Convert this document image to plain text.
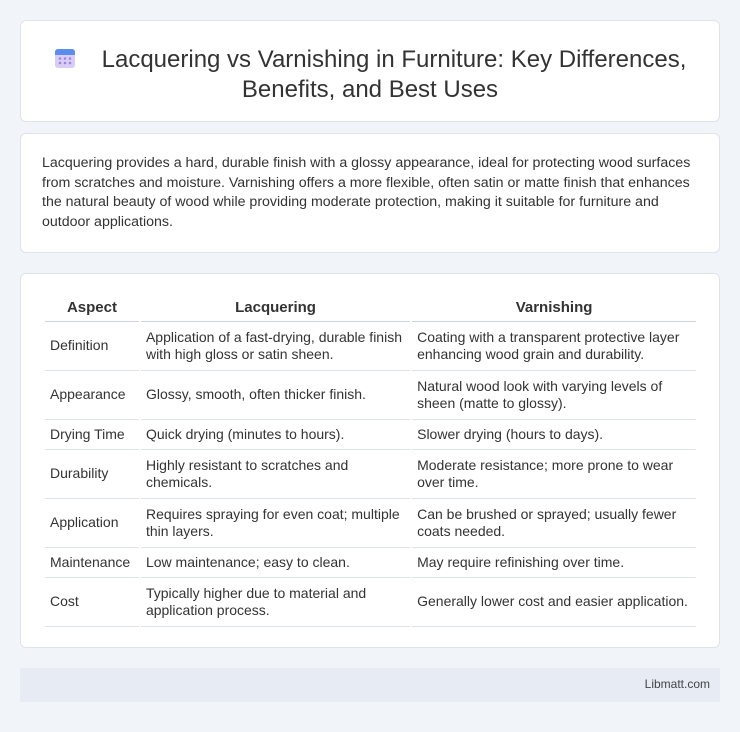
Lacquering vs Varnishing in Furniture: Key Differences, Benefits, and Best Uses

Lacquering provides a hard, durable finish with a glossy appearance, ideal for protecting wood surfaces from scratches and moisture. Varnishing offers a more flexible, often satin or matte finish that enhances the natural beauty of wood while providing moderate protection, making it suitable for furniture and outdoor applications.

Aspect	Lacquering	Varnishing
Definition	Application of a fast-drying, durable finish with high gloss or satin sheen.	Coating with a transparent protective layer enhancing wood grain and durability.
Appearance	Glossy, smooth, often thicker finish.	Natural wood look with varying levels of sheen (matte to glossy).
Drying Time	Quick drying (minutes to hours).	Slower drying (hours to days).
Durability	Highly resistant to scratches and chemicals.	Moderate resistance; more prone to wear over time.
Application	Requires spraying for even coat; multiple thin layers.	Can be brushed or sprayed; usually fewer coats needed.
Maintenance	Low maintenance; easy to clean.	May require refinishing over time.
Cost	Typically higher due to material and application process.	Generally lower cost and easier application.
Libmatt.com
